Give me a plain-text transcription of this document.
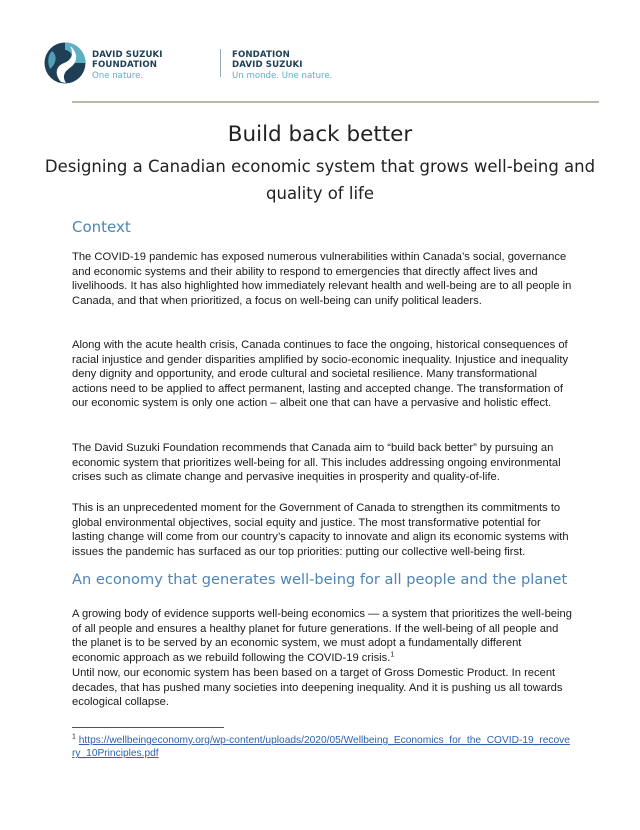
DAVID SUZUKI
FOUNDATION
One nature.
FONDATION
DAVID SUZUKI
Un monde. Une nature.
Build back better
Designing a Canadian economic system that grows well-being and quality of life
Context

The COVID-19 pandemic has exposed numerous vulnerabilities within Canada’s social, governance and economic systems and their ability to respond to emergencies that directly affect lives and livelihoods. It has also highlighted how immediately relevant health and well-being are to all people in Canada, and that when prioritized, a focus on well-being can unify political leaders.

Along with the acute health crisis, Canada continues to face the ongoing, historical consequences of racial injustice and gender disparities amplified by socio-economic inequality. Injustice and inequality deny dignity and opportunity, and erode cultural and societal resilience. Many transformational actions need to be applied to affect permanent, lasting and accepted change. The transformation of our economic system is only one action – albeit one that can have a pervasive and holistic effect.

The David Suzuki Foundation recommends that Canada aim to “build back better” by pursuing an economic system that prioritizes well-being for all. This includes addressing ongoing environmental crises such as climate change and pervasive inequities in prosperity and quality-of-life.

This is an unprecedented moment for the Government of Canada to strengthen its commitments to global environmental objectives, social equity and justice. The most transformative potential for lasting change will come from our country’s capacity to innovate and align its economic systems with issues the pandemic has surfaced as our top priorities: putting our collective well-being first.

An economy that generates well-being for all people and the planet

A growing body of evidence supports well-being economics — a system that prioritizes the well-being of all people and ensures a healthy planet for future generations. If the well-being of all people and the planet is to be served by an economic system, we must adopt a fundamentally different economic approach as we rebuild following the COVID-19 crisis.$^1$

Until now, our economic system has been based on a target of Gross Domestic Product. In recent decades, that has pushed many societies into deepening inequality. And it is pushing us all towards ecological collapse.

$^1$ https://wellbeingeconomy.org/wp-content/uploads/2020/05/Wellbeing_Economics_for_the_COVID-19_recovery_10Principles.pdf
